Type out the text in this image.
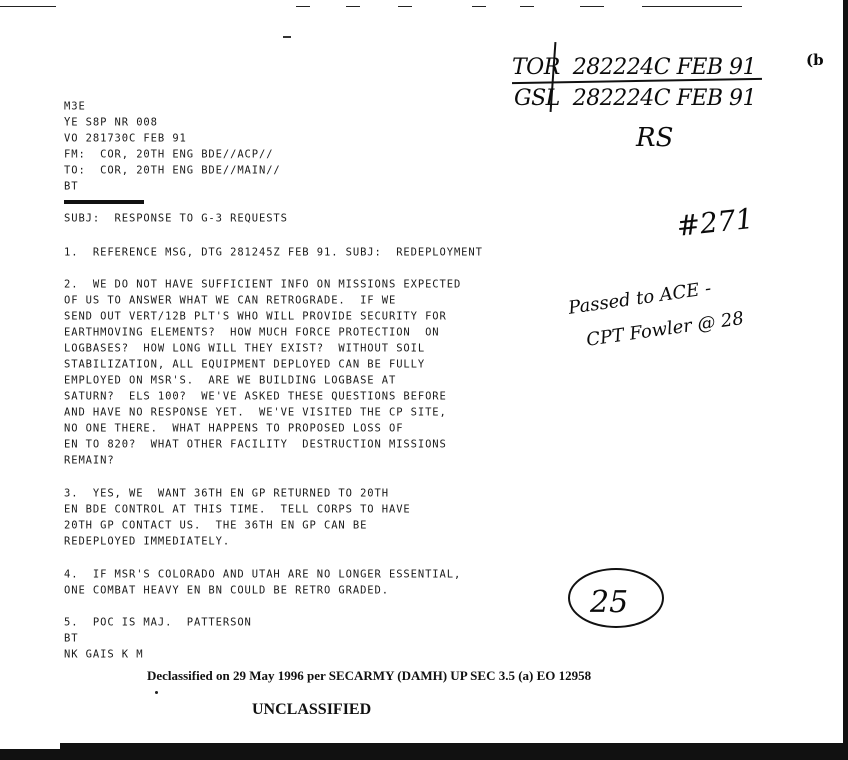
M3E
ΥE S8P NR 008
VO 281730C FEB 91
FM:  COR, 20TH ENG BDE//ACP//
TO:  COR, 20TH ENG BDE//MAIN//
BT
SUBJ:  RESPONSE TO G-3 REQUESTS
1.  REFERENCE MSG, DTG 281245Z FEB 91. SUBJ:  REDEPLOYMENT
2.  WE DO NOT HAVE SUFFICIENT INFO ON MISSIONS EXPECTED
OF US TO ANSWER WHAT WE CAN RETROGRADE.  IF WE
SEND OUT VERT/12B PLT'S WHO WILL PROVIDE SECURITY FOR
EARTHMOVING ELEMENTS?  HOW MUCH FORCE PROTECTION  ON
LOGBASES?  HOW LONG WILL THEY EXIST?  WITHOUT SOIL
STABILIZATION, ALL EQUIPMENT DEPLOYED CAN BE FULLY
EMPLOYED ON MSR'S.  ARE WE BUILDING LOGBASE AT
SATURN?  ELS 100?  WE'VE ASKED THESE QUESTIONS BEFORE
AND HAVE NO RESPONSE YET.  WE'VE VISITED THE CP SITE,
NO ONE THERE.  WHAT HAPPENS TO PROPOSED LOSS OF
EN TO 820?  WHAT OTHER FACILITY  DESTRUCTION MISSIONS
REMAIN?
3.  YES, WE  WANT 36TH EN GP RETURNED TO 20TH
EN BDE CONTROL AT THIS TIME.  TELL CORPS TO HAVE
20TH GP CONTACT US.  THE 36TH EN GP CAN BE
REDEPLOYED IMMEDIATELY.
4.  IF MSR'S COLORADO AND UTAH ARE NO LONGER ESSENTIAL,
ONE COMBAT HEAVY EN BN COULD BE RETRO GRADED.
5.  POC IS MAJ.  PATTERSON
BT
NK GAIS K M
TOR  282224C FEB 91
GSL  282224C FEB 91
RS
#271
Passed to ACE -
CPT Fowler @ 28
25
(b
Declassified on 29 May 1996 per SECARMY (DAMH) UP SEC 3.5 (a) EO 12958
UNCLASSIFIED
